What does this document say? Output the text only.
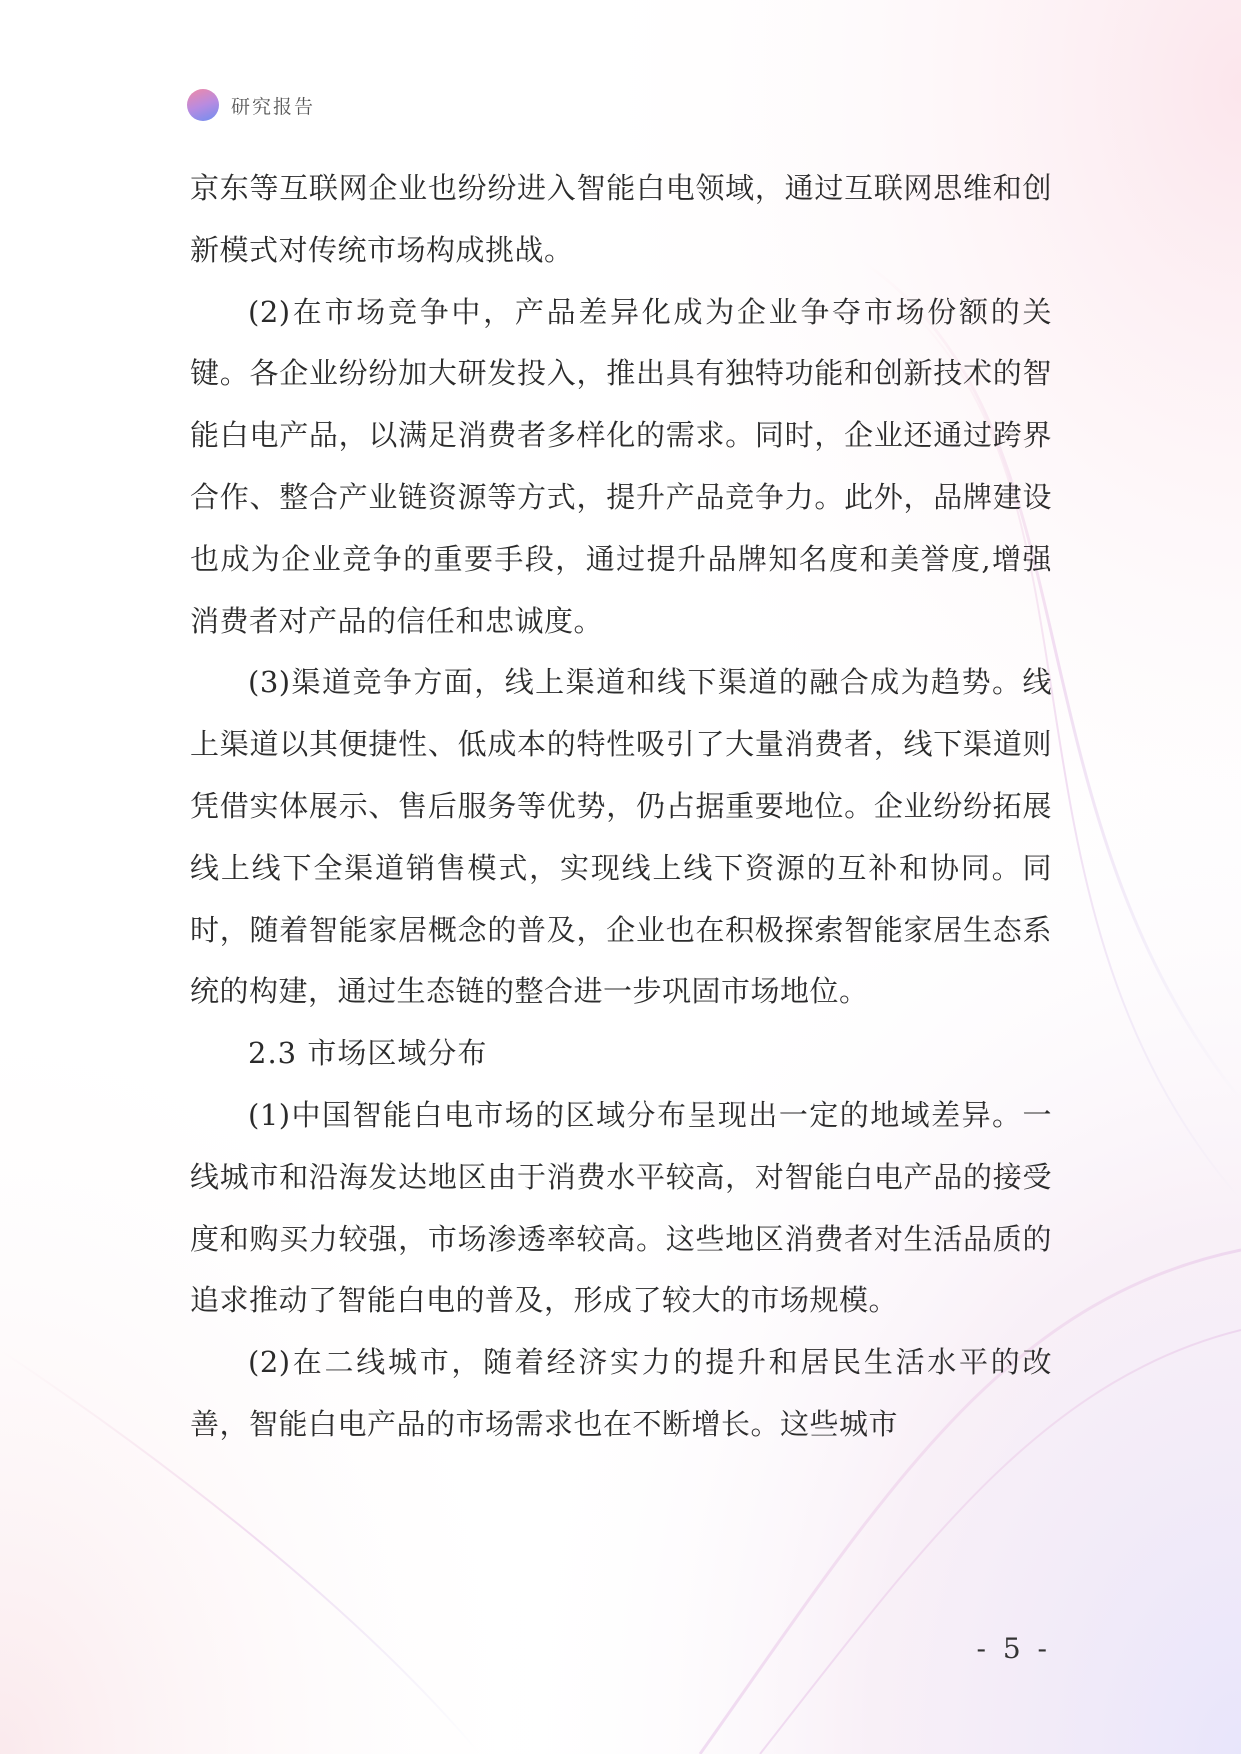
研究报告

京东等互联网企业也纷纷进入智能白电领域，通过互联网思维和创新模式对传统市场构成挑战。

(2)在市场竞争中，产品差异化成为企业争夺市场份额的关键。各企业纷纷加大研发投入，推出具有独特功能和创新技术的智能白电产品，以满足消费者多样化的需求。同时，企业还通过跨界合作、整合产业链资源等方式，提升产品竞争力。此外，品牌建设也成为企业竞争的重要手段，通过提升品牌知名度和美誉度,增强消费者对产品的信任和忠诚度。

(3)渠道竞争方面，线上渠道和线下渠道的融合成为趋势。线上渠道以其便捷性、低成本的特性吸引了大量消费者，线下渠道则凭借实体展示、售后服务等优势，仍占据重要地位。企业纷纷拓展线上线下全渠道销售模式，实现线上线下资源的互补和协同。同时，随着智能家居概念的普及，企业也在积极探索智能家居生态系统的构建，通过生态链的整合进一步巩固市场地位。

2.3 市场区域分布

(1)中国智能白电市场的区域分布呈现出一定的地域差异。一线城市和沿海发达地区由于消费水平较高，对智能白电产品的接受度和购买力较强，市场渗透率较高。这些地区消费者对生活品质的追求推动了智能白电的普及，形成了较大的市场规模。

(2)在二线城市，随着经济实力的提升和居民生活水平的改善，智能白电产品的市场需求也在不断增长。这些城市

- 5 -
